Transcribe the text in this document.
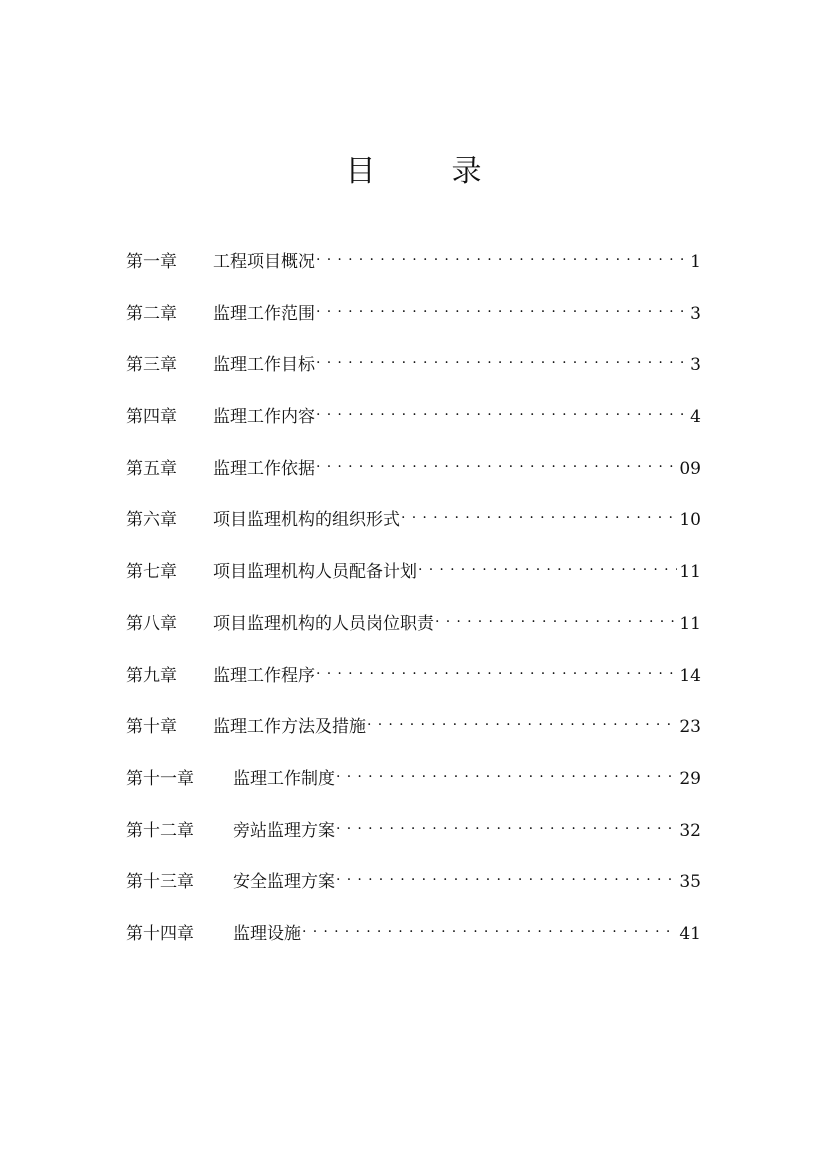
目	录
第一章	工程项目概况 . . .	1
第二章	监理工作范围 . . .	3
第三章	监理工作目标 . . .	3
第四章	监理工作内容 . . .	4
第五章	监理工作依据 . . .	09
第六章	项目监理机构的组织形式 . . .	10
第七章	项目监理机构人员配备计划 . . .	11
第八章	项目监理机构的人员岗位职责 . . .	11
第九章	监理工作程序 . . .	14
第十章	监理工作方法及措施 . . .	23
第十一章	监理工作制度 . . .	29
第十二章	旁站监理方案 . . .	32
第十三章	安全监理方案 . . .	35
第十四章	监理设施 . . .	41
